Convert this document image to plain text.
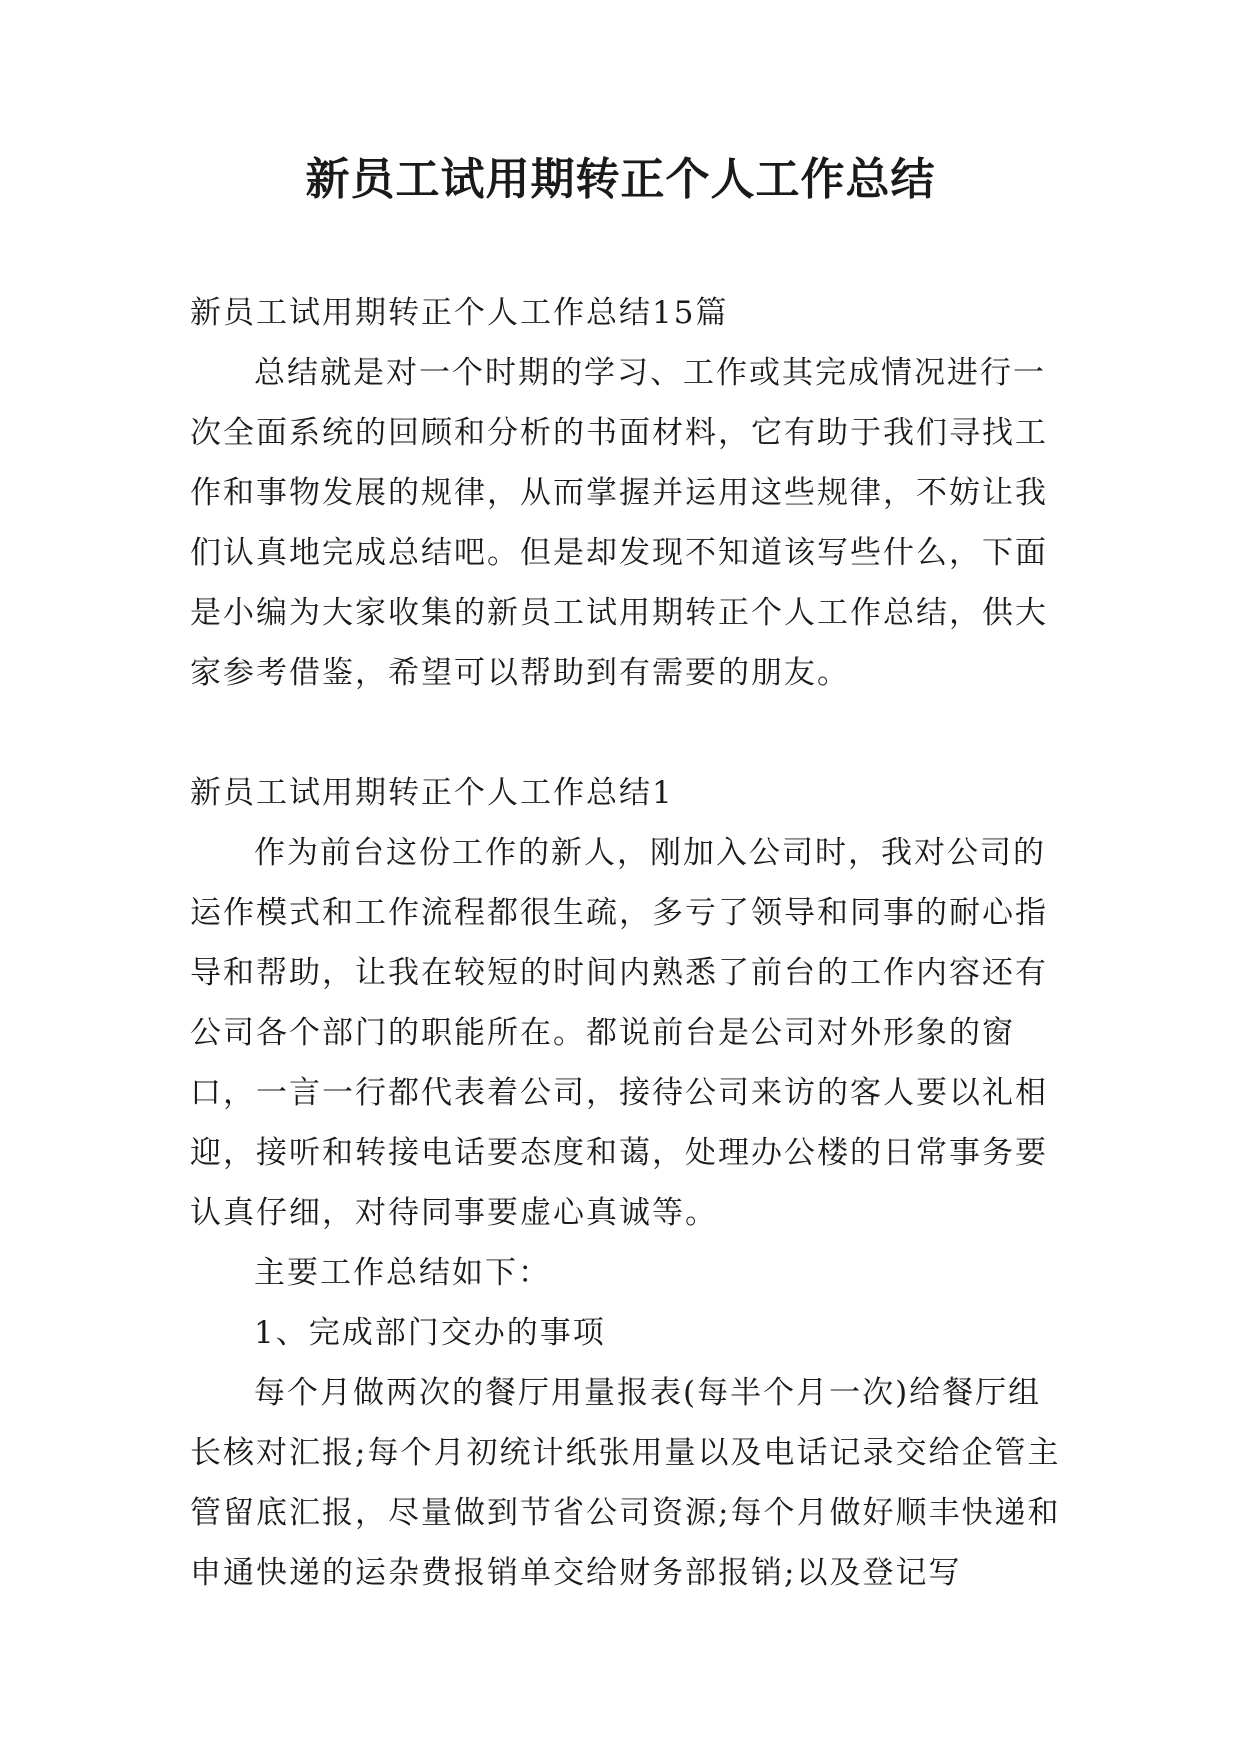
新员工试用期转正个人工作总结

新员工试用期转正个人工作总结15篇

总结就是对一个时期的学习、工作或其完成情况进行一次全面系统的回顾和分析的书面材料，它有助于我们寻找工作和事物发展的规律，从而掌握并运用这些规律，不妨让我们认真地完成总结吧。但是却发现不知道该写些什么，下面是小编为大家收集的新员工试用期转正个人工作总结，供大家参考借鉴，希望可以帮助到有需要的朋友。

新员工试用期转正个人工作总结1

作为前台这份工作的新人，刚加入公司时，我对公司的运作模式和工作流程都很生疏，多亏了领导和同事的耐心指导和帮助，让我在较短的时间内熟悉了前台的工作内容还有公司各个部门的职能所在。都说前台是公司对外形象的窗口，一言一行都代表着公司，接待公司来访的客人要以礼相迎，接听和转接电话要态度和蔼，处理办公楼的日常事务要认真仔细，对待同事要虚心真诚等。

主要工作总结如下：

1、完成部门交办的事项

每个月做两次的餐厅用量报表(每半个月一次)给餐厅组长核对汇报;每个月初统计纸张用量以及电话记录交给企管主管留底汇报，尽量做到节省公司资源;每个月做好顺丰快递和申通快递的运杂费报销单交给财务部报销;以及登记写
